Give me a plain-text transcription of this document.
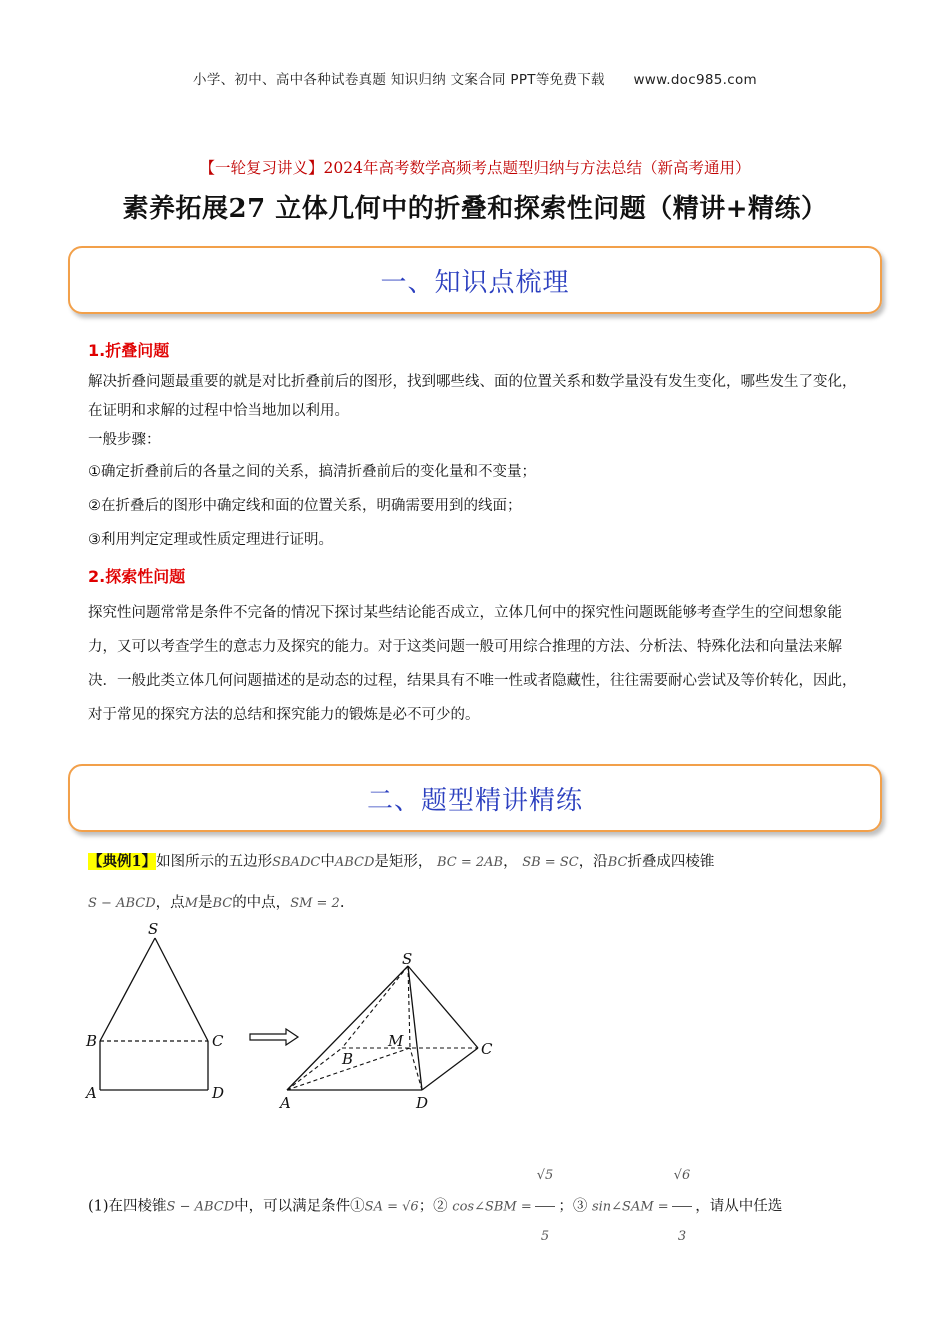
小学、初中、高中各种试卷真题 知识归纳 文案合同 PPT等免费下载 www.doc985.com
【一轮复习讲义】2024年高考数学高频考点题型归纳与方法总结（新高考通用）
素养拓展27 立体几何中的折叠和探索性问题（精讲+精练）
一、知识点梳理
1.折叠问题
解决折叠问题最重要的就是对比折叠前后的图形，找到哪些线、面的位置关系和数学量没有发生变化，哪些发生了变化，在证明和求解的过程中恰当地加以利用。
一般步骤：
①确定折叠前后的各量之间的关系，搞清折叠前后的变化量和不变量；
②在折叠后的图形中确定线和面的位置关系，明确需要用到的线面；
③利用判定定理或性质定理进行证明。
2.探索性问题
探究性问题常常是条件不完备的情况下探讨某些结论能否成立，立体几何中的探究性问题既能够考查学生的空间想象能力，又可以考查学生的意志力及探究的能力。对于这类问题一般可用综合推理的方法、分析法、特殊化法和向量法来解决．一般此类立体几何问题描述的是动态的过程，结果具有不唯一性或者隐藏性，往往需要耐心尝试及等价转化，因此，对于常见的探究方法的总结和探究能力的锻炼是必不可少的。
二、题型精讲精练
【典例1】如图所示的五边形SBADC中ABCD是矩形， BC = 2AB， SB = SC，沿BC折叠成四棱锥
S − ABCD，点M是BC的中点，SM = 2.
S
B	C
A	D
S
M
B
C
A	D
(1)在四棱锥S − ABCD中，可以满足条件①SA = √6；② cos∠SBM = $\frac{√5}{5}$ ；③ sin∠SAM = $\frac{√6}{3}$ ，请从中任选
